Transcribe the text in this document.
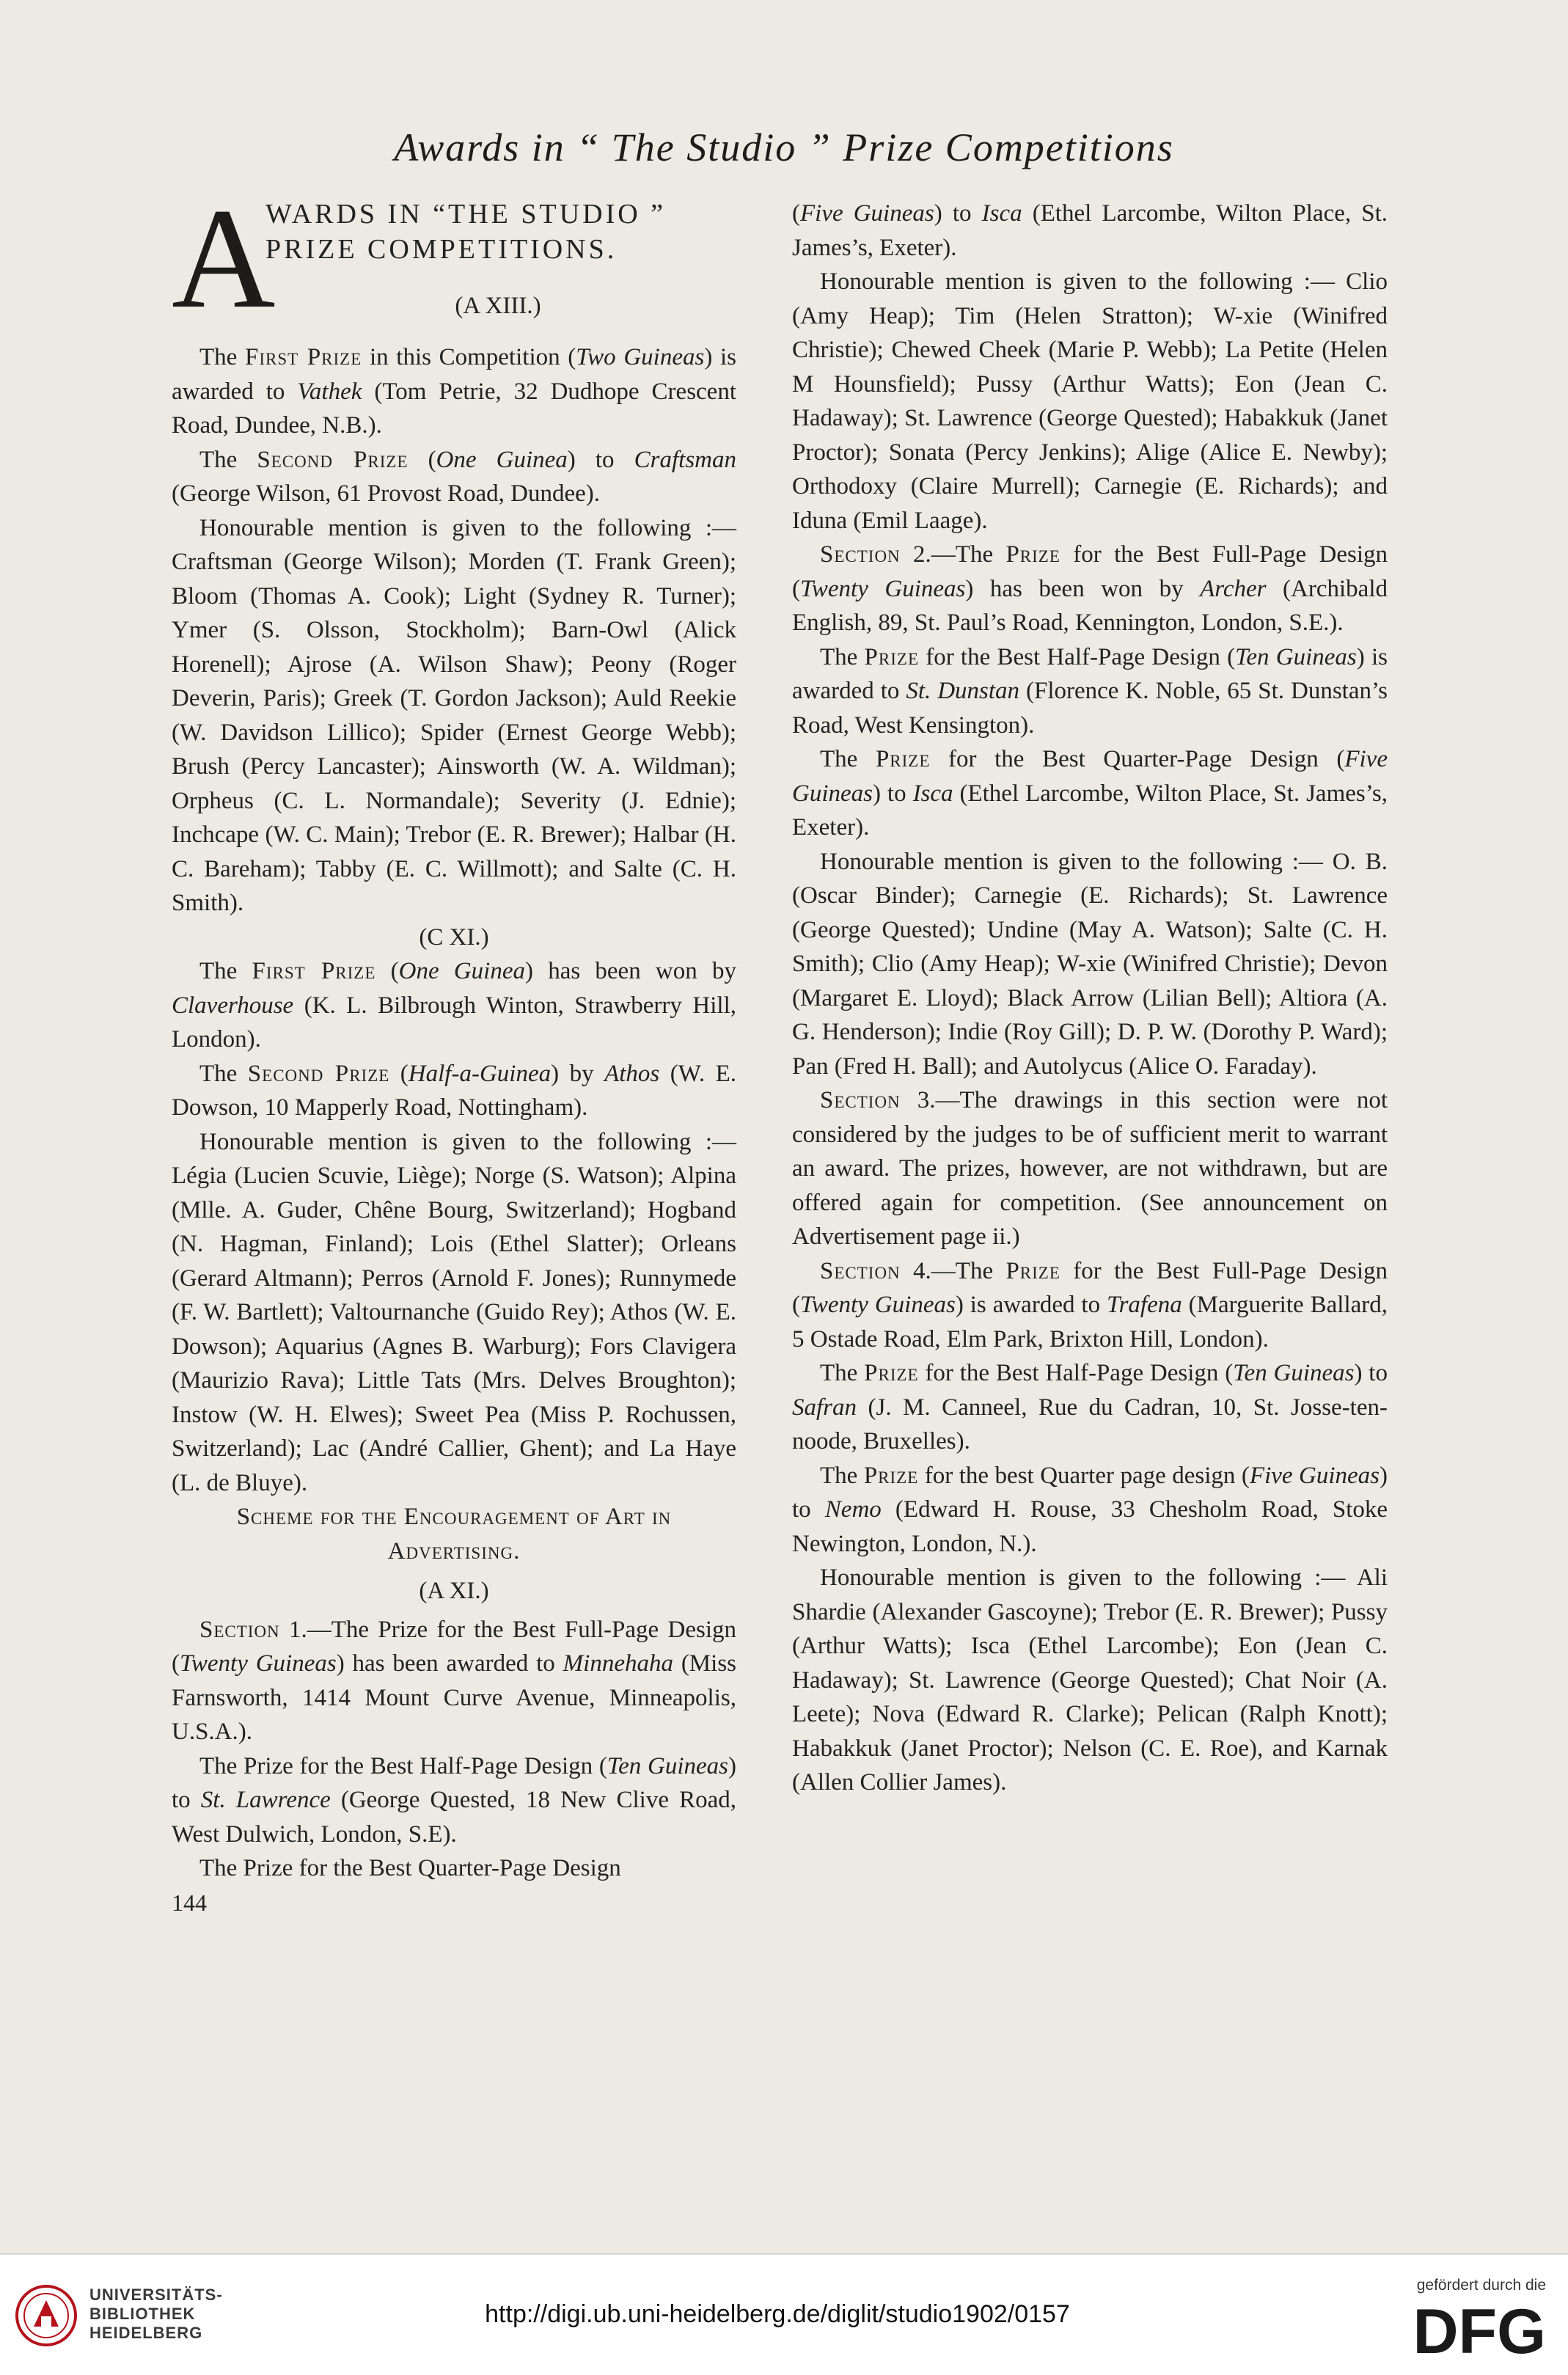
Awards in “ The Studio ” Prize Competitions
A
WARDS IN “THE STUDIO ”
PRIZE COMPETITIONS.

(A XIII.)

The First Prize in this Competition (Two Guineas) is awarded to Vathek (Tom Petrie, 32 Dudhope Crescent Road, Dundee, N.B.).

The Second Prize (One Guinea) to Craftsman (George Wilson, 61 Provost Road, Dundee).

Honourable mention is given to the following :— Craftsman (George Wilson); Morden (T. Frank Green); Bloom (Thomas A. Cook); Light (Sydney R. Turner); Ymer (S. Olsson, Stockholm); Barn-Owl (Alick Horenell); Ajrose (A. Wilson Shaw); Peony (Roger Deverin, Paris); Greek (T. Gordon Jackson); Auld Reekie (W. Davidson Lillico); Spider (Ernest George Webb); Brush (Percy Lancaster); Ainsworth (W. A. Wildman); Orpheus (C. L. Normandale); Severity (J. Ednie); Inchcape (W. C. Main); Trebor (E. R. Brewer); Halbar (H. C. Bareham); Tabby (E. C. Willmott); and Salte (C. H. Smith).

(C XI.)

The First Prize (One Guinea) has been won by Claverhouse (K. L. Bilbrough Winton, Strawberry Hill, London).

The Second Prize (Half-a-Guinea) by Athos (W. E. Dowson, 10 Mapperly Road, Nottingham).

Honourable mention is given to the following :— Légia (Lucien Scuvie, Liège); Norge (S. Watson); Alpina (Mlle. A. Guder, Chêne Bourg, Switzerland); Hogband (N. Hagman, Finland); Lois (Ethel Slatter); Orleans (Gerard Altmann); Perros (Arnold F. Jones); Runnymede (F. W. Bartlett); Valtournanche (Guido Rey); Athos (W. E. Dowson); Aquarius (Agnes B. Warburg); Fors Clavigera (Maurizio Rava); Little Tats (Mrs. Delves Broughton); Instow (W. H. Elwes); Sweet Pea (Miss P. Rochussen, Switzerland); Lac (André Callier, Ghent); and La Haye (L. de Bluye).

Scheme for the Encouragement of Art in

Advertising.

(A XI.)

Section 1.—The Prize for the Best Full-Page Design (Twenty Guineas) has been awarded to Minnehaha (Miss Farnsworth, 1414 Mount Curve Avenue, Minneapolis, U.S.A.).

The Prize for the Best Half-Page Design (Ten Guineas) to St. Lawrence (George Quested, 18 New Clive Road, West Dulwich, London, S.E).

The Prize for the Best Quarter-Page Design

144

(Five Guineas) to Isca (Ethel Larcombe, Wilton Place, St. James’s, Exeter).

Honourable mention is given to the following :— Clio (Amy Heap); Tim (Helen Stratton); W-xie (Winifred Christie); Chewed Cheek (Marie P. Webb); La Petite (Helen M Hounsfield); Pussy (Arthur Watts); Eon (Jean C. Hadaway); St. Lawrence (George Quested); Habakkuk (Janet Proctor); Sonata (Percy Jenkins); Alige (Alice E. Newby); Orthodoxy (Claire Murrell); Carnegie (E. Richards); and Iduna (Emil Laage).

Section 2.—The Prize for the Best Full-Page Design (Twenty Guineas) has been won by Archer (Archibald English, 89, St. Paul’s Road, Kennington, London, S.E.).

The Prize for the Best Half-Page Design (Ten Guineas) is awarded to St. Dunstan (Florence K. Noble, 65 St. Dunstan’s Road, West Kensington).

The Prize for the Best Quarter-Page Design (Five Guineas) to Isca (Ethel Larcombe, Wilton Place, St. James’s, Exeter).

Honourable mention is given to the following :— O. B. (Oscar Binder); Carnegie (E. Richards); St. Lawrence (George Quested); Undine (May A. Watson); Salte (C. H. Smith); Clio (Amy Heap); W-xie (Winifred Christie); Devon (Margaret E. Lloyd); Black Arrow (Lilian Bell); Altiora (A. G. Henderson); Indie (Roy Gill); D. P. W. (Dorothy P. Ward); Pan (Fred H. Ball); and Autolycus (Alice O. Faraday).

Section 3.—The drawings in this section were not considered by the judges to be of sufficient merit to warrant an award. The prizes, however, are not withdrawn, but are offered again for competition. (See announcement on Advertisement page ii.)

Section 4.—The Prize for the Best Full-Page Design (Twenty Guineas) is awarded to Trafena (Marguerite Ballard, 5 Ostade Road, Elm Park, Brixton Hill, London).

The Prize for the Best Half-Page Design (Ten Guineas) to Safran (J. M. Canneel, Rue du Cadran, 10, St. Josse-ten-noode, Bruxelles).

The Prize for the best Quarter page design (Five Guineas) to Nemo (Edward H. Rouse, 33 Chesholm Road, Stoke Newington, London, N.).

Honourable mention is given to the following :— Ali Shardie (Alexander Gascoyne); Trebor (E. R. Brewer); Pussy (Arthur Watts); Isca (Ethel Larcombe); Eon (Jean C. Hadaway); St. Lawrence (George Quested); Chat Noir (A. Leete); Nova (Edward R. Clarke); Pelican (Ralph Knott); Habakkuk (Janet Proctor); Nelson (C. E. Roe), and Karnak (Allen Collier James).

UNIVERSITÄTS-
BIBLIOTHEK
HEIDELBERG
http://digi.ub.uni-heidelberg.de/diglit/studio1902/0157
gefördert durch die
DFG
